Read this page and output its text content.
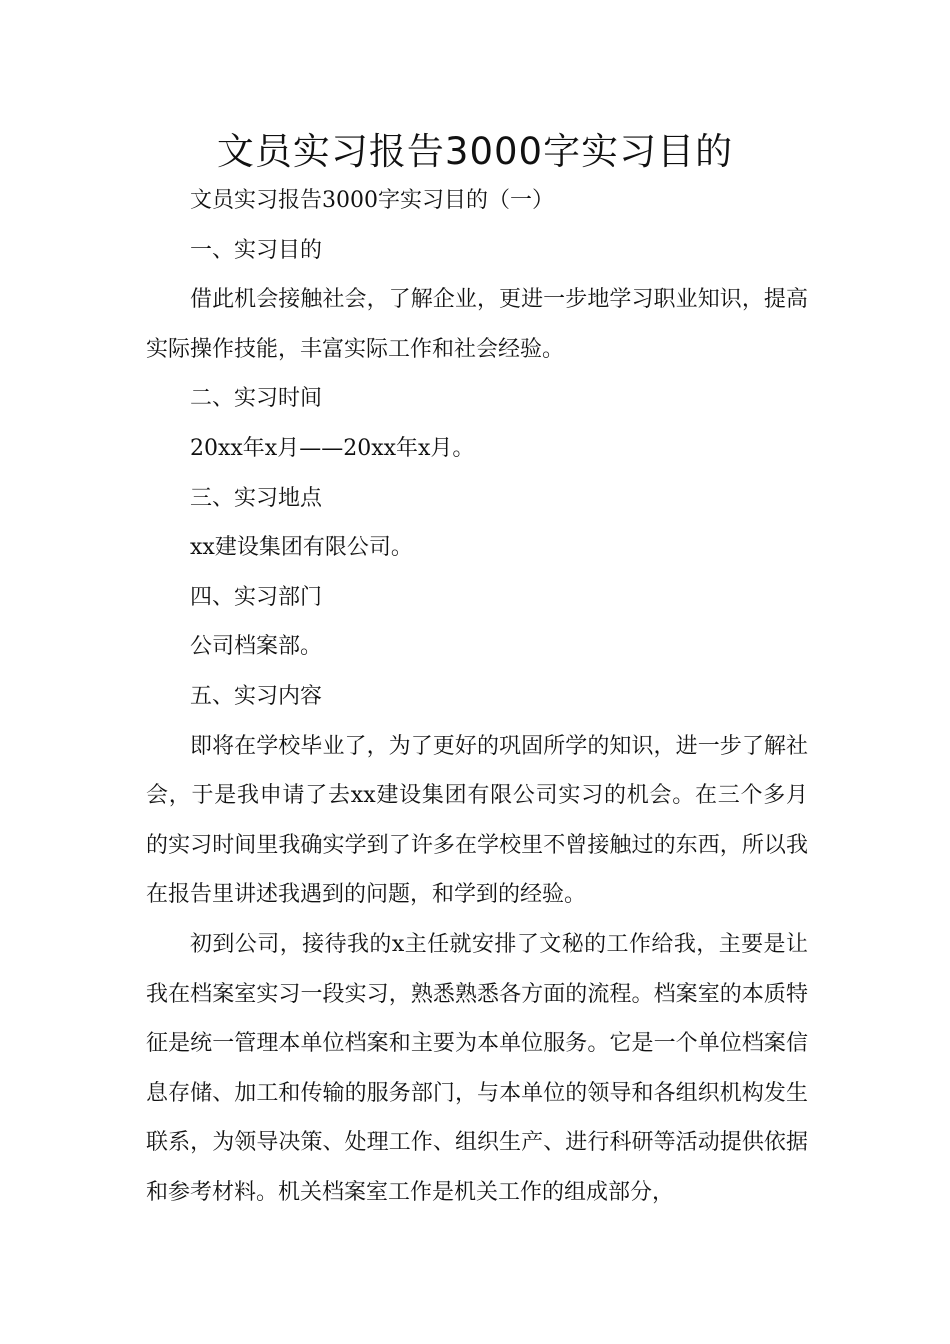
文员实习报告3000字实习目的

文员实习报告3000字实习目的（一）

一、实习目的

借此机会接触社会，了解企业，更进一步地学习职业知识，提高实际操作技能，丰富实际工作和社会经验。

二、实习时间

20xx年x月——20xx年x月。

三、实习地点

xx建设集团有限公司。

四、实习部门

公司档案部。

五、实习内容

即将在学校毕业了，为了更好的巩固所学的知识，进一步了解社会，于是我申请了去xx建设集团有限公司实习的机会。在三个多月的实习时间里我确实学到了许多在学校里不曾接触过的东西，所以我在报告里讲述我遇到的问题，和学到的经验。

初到公司，接待我的x主任就安排了文秘的工作给我，主要是让我在档案室实习一段实习，熟悉熟悉各方面的流程。档案室的本质特征是统一管理本单位档案和主要为本单位服务。它是一个单位档案信息存储、加工和传输的服务部门，与本单位的领导和各组织机构发生联系，为领导决策、处理工作、组织生产、进行科研等活动提供依据和参考材料。机关档案室工作是机关工作的组成部分，
